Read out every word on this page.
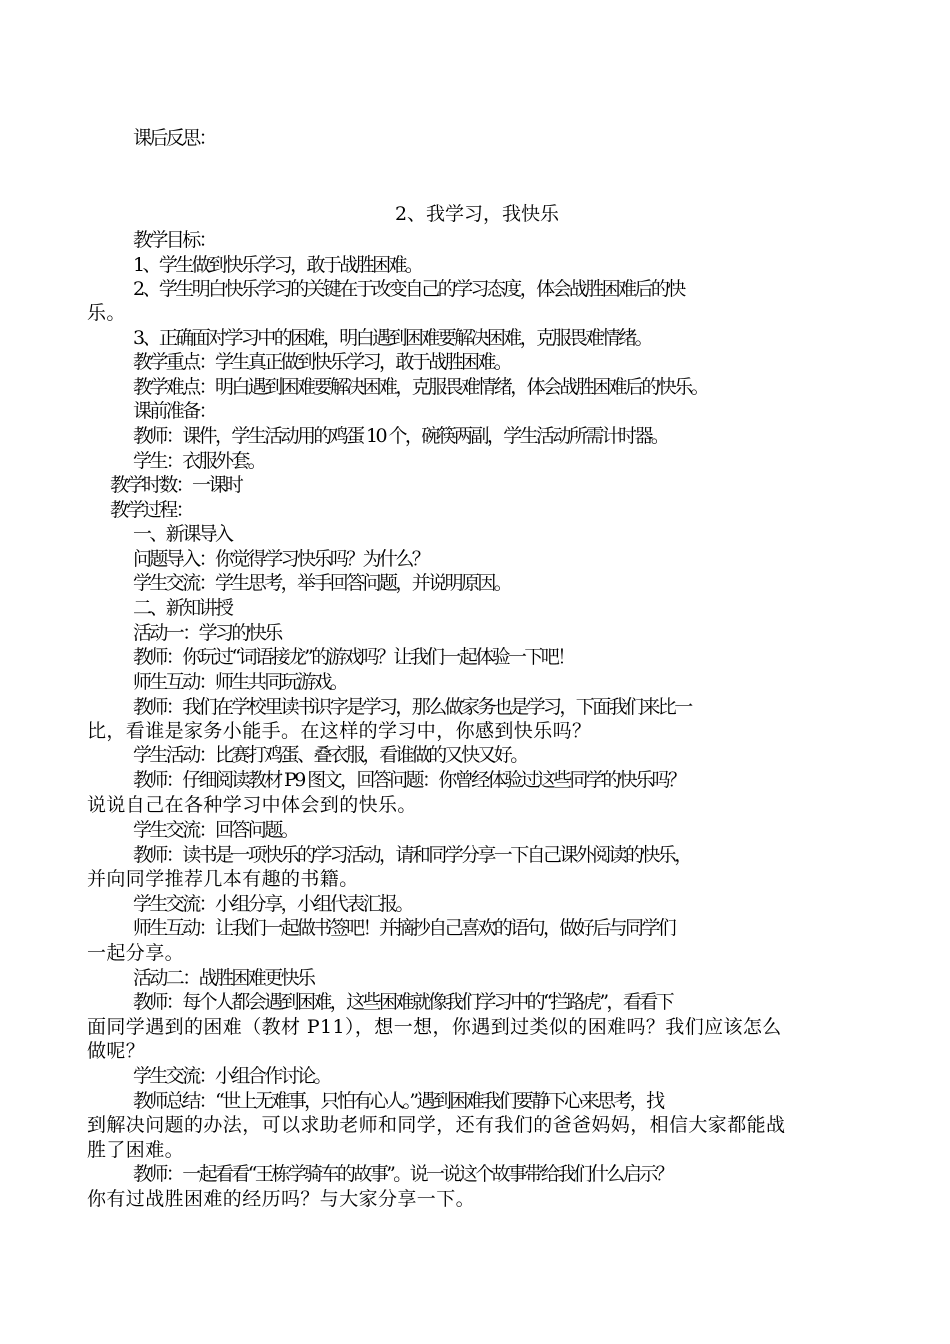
课后反思：
2、我学习，我快乐
教学目标：
1、学生做到快乐学习，敢于战胜困难。
2、学生明白快乐学习的关键在于改变自己的学习态度，体会战胜困难后的快
乐。
3、正确面对学习中的困难，明白遇到困难要解决困难，克服畏难情绪。
教学重点：学生真正做到快乐学习，敢于战胜困难。
教学难点：明白遇到困难要解决困难，克服畏难情绪，体会战胜困难后的快乐。
课前准备：
教师：课件，学生活动用的鸡蛋 10 个，碗筷两副，学生活动所需计时器。
学生：衣服外套。
教学时数：一课时
教学过程：
一、新课导入
问题导入：你觉得学习快乐吗？为什么？
学生交流：学生思考，举手回答问题，并说明原因。
二、新知讲授
活动一：学习的快乐
教师：你玩过“词语接龙”的游戏吗？让我们一起体验一下吧！
师生互动：师生共同玩游戏。
教师：我们在学校里读书识字是学习，那么做家务也是学习，下面我们来比一
比，看谁是家务小能手。在这样的学习中，你感到快乐吗？
学生活动：比赛打鸡蛋、叠衣服，看谁做的又快又好。
教师：仔细阅读教材 P9 图文，回答问题：你曾经体验过这些同学的快乐吗？
说说自己在各种学习中体会到的快乐。
学生交流：回答问题。
教师：读书是一项快乐的学习活动，请和同学分享一下自己课外阅读的快乐，
并向同学推荐几本有趣的书籍。
学生交流：小组分享，小组代表汇报。
师生互动：让我们一起做书签吧！并摘抄自己喜欢的语句，做好后与同学们
一起分享。
活动二：战胜困难更快乐
教师：每个人都会遇到困难，这些困难就像我们学习中的“拦路虎”，看看下
面同学遇到的困难（教材 P11），想一想，你遇到过类似的困难吗？我们应该怎么
做呢？
学生交流：小组合作讨论。
教师总结：“世上无难事，只怕有心人。”遇到困难我们要静下心来思考，找
到解决问题的办法，可以求助老师和同学，还有我们的爸爸妈妈，相信大家都能战
胜了困难。
教师：一起看看“王栋学骑车的故事”。说一说这个故事带给我们什么启示？
你有过战胜困难的经历吗？与大家分享一下。
